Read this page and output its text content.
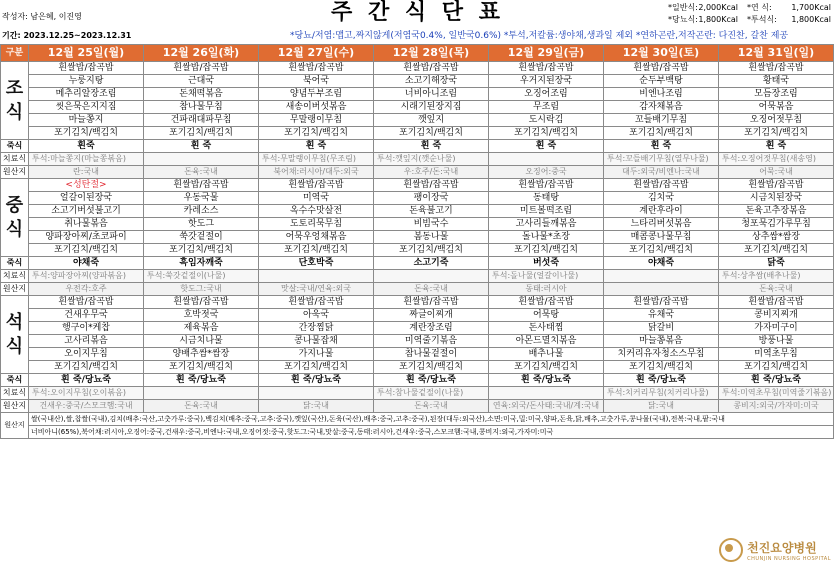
주 간 식 단 표
작성자: 남은혜, 이진영
기간: 2023.12.25~2023.12.31	*당뇨/저염:맵고,짜지않게(저염국0.4%, 일반국0.6%) *투석,저칼륨:생야채,생과일 제외 *연하곤란,저작곤란: 다진찬, 갈찬 제공
*일반식: 2,000Kcal
*당뇨식: 1,800Kcal
*연 식: 1,700Kcal
*투석식: 1,800Kcal
구분	12월 25일(월)	12월 26일(화)	12월 27일(수)	12월 28일(목)	12월 29일(금)	12월 30일(토)	12월 31일(일)

조
식	흰쌀밥/잡곡밥	흰쌀밥/잡곡밥	흰쌀밥/잡곡밥	흰쌀밥/잡곡밥	흰쌀밥/잡곡밥	흰쌀밥/잡곡밥	흰쌀밥/잡곡밥
	누룽지탕	근대국	북어국	소고기해장국	우거지된장국	순두부백탕	황태국
	메추리알장조림	돈채떡볶음	양념두부조림	너비아니조림	오징어조림	비엔나조림	모듬장조림
	씻은묵은지지짐	참나물무침	새송이버섯볶음	시래기된장지짐	무조림	감자채볶음	어묵볶음
	마늘쫑지	건파래대파무침	무말랭이무침	깻잎지	도시락김	꼬들배기무침	오징어젓무침
	포기김치/백김치	포기김치/백김치	포기김치/백김치	포기김치/백김치	포기김치/백김치	포기김치/백김치	포기김치/백김치
죽식	흰죽	흰 죽	흰 죽	흰 죽	흰 죽	흰 죽	흰 죽
치료식	투석:마늘쫑지(마늘쫑볶음)		투석:무말랭이무침(무조림)	투석:깻잎지(깻순나물)		투석:꼬들배기무침(열무나물)	투석:오징어젓무침(새송영)
원산지	란:국내	돈육:국내	북어채:러시아/대두:외국	우:호주/돈:국내	오징어:중국	대두:외국/비엔나:국내	어묵:국내

중
식	<성탄절>	흰쌀밥/잡곡밥	흰쌀밥/잡곡밥	흰쌀밥/잡곡밥	흰쌀밥/잡곡밥	흰쌀밥/잡곡밥	흰쌀밥/잡곡밥
	얼갈이된장국	우동국물	미역국	팽이장국	동태탕	김치국	시금치된장국
	소고기버섯불고기	카레소스	옥수수맛살전	돈육불고기	미트볼떡조림	계란후라이	돈육고추장볶음
	취나물볶음	핫도그	도토리묵무침	비빔국수	고사리들깨볶음	느타리버섯볶음	청포묵김가루무침
	양파장아찌/초코파이	쑥갓겉절이	어묵우엉채볶음	봄동나물	돌나물*초장	매콤콩나물무침	상추쌈*쌈장
	포기김치/백김치	포기김치/백김치	포기김치/백김치	포기김치/백김치	포기김치/백김치	포기김치/백김치	포기김치/백김치
죽식	야채죽	흑임자깨죽	단호박죽	소고기죽	버섯죽	야채죽	닭죽
치료식	투석:양파장아찌(양파볶음)	투석:쑥갓겉절이(나물)			투석:돌나물(얼갈이나물)		투석:상추쌈(배추나물)
원산지	우전각:호주	핫도그:국내	맛살:국내/연육:외국	돈육:국내	동태:러시아		돈육:국내

석
식	흰쌀밥/잡곡밥	흰쌀밥/잡곡밥	흰쌀밥/잡곡밥	흰쌀밥/잡곡밥	흰쌀밥/잡곡밥	흰쌀밥/잡곡밥	흰쌀밥/잡곡밥
	건새우무국	호박젓국	아욱국	짜글이찌개	어묵탕	유채국	콩비지찌개
	행구이*케찹	제육볶음	간장찜닭	계란장조림	돈사태찜	닭갈비	가자미구이
	고사리볶음	시금치나물	콩나물잡채	미역줄기볶음	아몬드멸치볶음	마늘쫑볶음	방풍나물
	오이지무침	양배추쌈*쌈장	가지나물	참나물겉절이	배추나물	치커리유자청소스무침	미역초무침
	포기김치/백김치	포기김치/백김치	포기김치/백김치	포기김치/백김치	포기김치/백김치	포기김치/백김치	포기김치/백김치
죽식	흰 죽/당뇨죽	흰 죽/당뇨죽	흰 죽/당뇨죽	흰 죽/당뇨죽	흰 죽/당뇨죽	흰 죽/당뇨죽	흰 죽/당뇨죽
치료식	투석:오이지무침(오이볶음)			투석:참나물겉절이(나물)		투석:치커리무침(치커리나물)	투석:미역초무침(미역줄기볶음)
원산지	건새우:중국/스모크햄:국내	돈육:국내	닭:국내	돈육:국내	연육:외국/돈사태:국내/계:국내	닭:국내	콩비지:외국/가자미:미국
원산지	쌀(국내산),쌀,찹쌀(국내),김치(배추:국산,고춧가루:중국),백김치(배추:중국,고추:중국),깻잎(국산),돈육(국산),배추:중국,고추:중국),된장(대두:외국산),소면:미국,밀:미국,양파,돈육,닭,배추,고춧가루,콩나물(국내),전복:국내,팥:국내						
	너비아니(65%),북어채:러시아,오징어:중국,건새우:중국,비엔나:국내,오징어젓:중국,핫도그:국내,맛살:중국,동태:러시아,건새우:중국,스모크햄:국내,콩비지:외국,가자미:미국						
천진요양병원
CHUNJIN NURSING HOSPITAL
